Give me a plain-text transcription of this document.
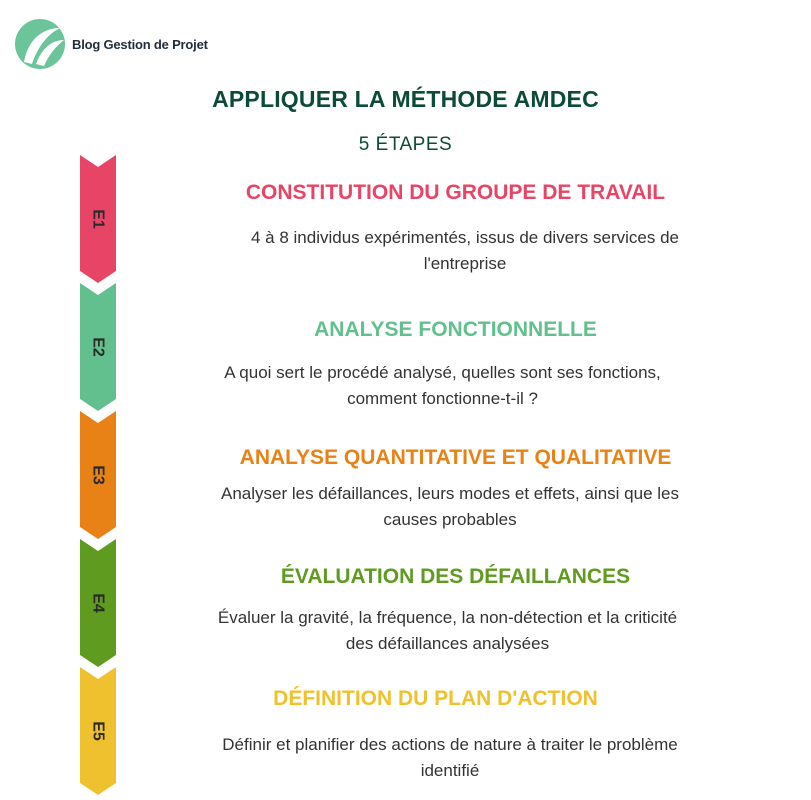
Blog Gestion de Projet
APPLIQUER LA MÉTHODE AMDEC
5 ÉTAPES
E1
E2
E3
E4
E5
CONSTITUTION DU GROUPE DE TRAVAIL
4 à 8 individus expérimentés, issus de divers services de
l'entreprise
ANALYSE FONCTIONNELLE
A quoi sert le procédé analysé, quelles sont ses fonctions,
comment fonctionne-t-il ?
ANALYSE QUANTITATIVE ET QUALITATIVE
Analyser les défaillances, leurs modes et effets, ainsi que les
causes probables
ÉVALUATION DES DÉFAILLANCES
Évaluer la gravité, la fréquence, la non-détection et la criticité
des défaillances analysées
DÉFINITION DU PLAN D'ACTION
Définir et planifier des actions de nature à traiter le problème
identifié
